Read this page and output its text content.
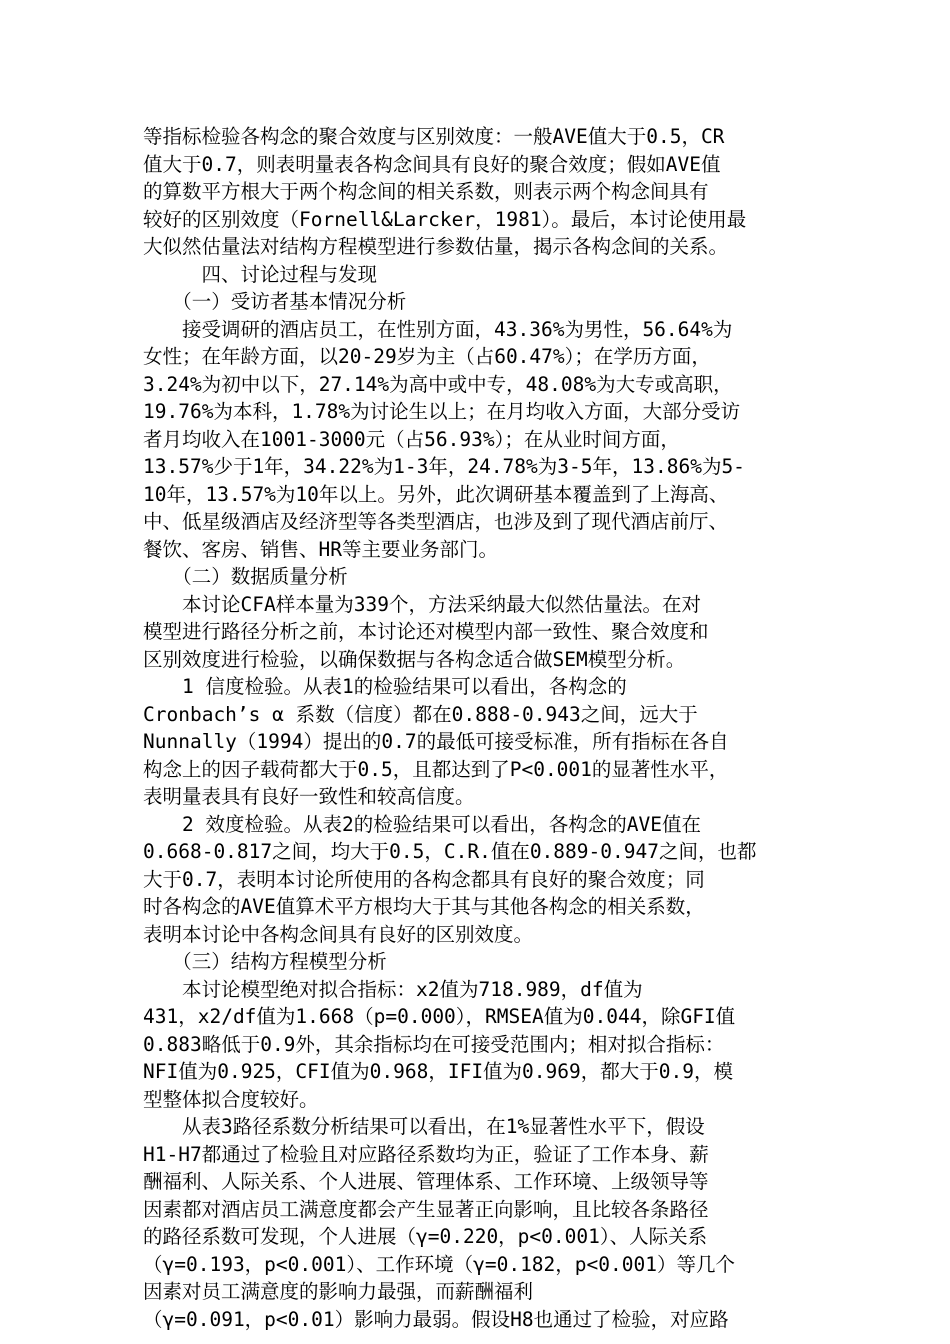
等指标检验各构念的聚合效度与区别效度：一般AVE值大于0.5，CR
值大于0.7，则表明量表各构念间具有良好的聚合效度；假如AVE值
的算数平方根大于两个构念间的相关系数，则表示两个构念间具有
较好的区别效度（Fornell&Larcker，1981）。最后，本讨论使用最
大似然估量法对结构方程模型进行参数估量，揭示各构念间的关系。
　　　四、讨论过程与发现
　　（一）受访者基本情况分析
　　接受调研的酒店员工，在性别方面，43.36%为男性，56.64%为
女性；在年龄方面，以20-29岁为主（占60.47%）；在学历方面，
3.24%为初中以下，27.14%为高中或中专，48.08%为大专或高职，
19.76%为本科，1.78%为讨论生以上；在月均收入方面，大部分受访
者月均收入在1001-3000元（占56.93%）；在从业时间方面，
13.57%少于1年，34.22%为1-3年，24.78%为3-5年，13.86%为5-
10年，13.57%为10年以上。另外，此次调研基本覆盖到了上海高、
中、低星级酒店及经济型等各类型酒店，也涉及到了现代酒店前厅、
餐饮、客房、销售、HR等主要业务部门。
　　（二）数据质量分析
　　本讨论CFA样本量为339个，方法采纳最大似然估量法。在对
模型进行路径分析之前，本讨论还对模型内部一致性、聚合效度和
区别效度进行检验，以确保数据与各构念适合做SEM模型分析。
　　1 信度检验。从表1的检验结果可以看出，各构念的
Cronbach’s α 系数（信度）都在0.888-0.943之间，远大于
Nunnally（1994）提出的0.7的最低可接受标准，所有指标在各自
构念上的因子载荷都大于0.5，且都达到了P<0.001的显著性水平，
表明量表具有良好一致性和较高信度。
　　2 效度检验。从表2的检验结果可以看出，各构念的AVE值在
0.668-0.817之间，均大于0.5，C.R.值在0.889-0.947之间，也都
大于0.7，表明本讨论所使用的各构念都具有良好的聚合效度；同
时各构念的AVE值算术平方根均大于其与其他各构念的相关系数，
表明本讨论中各构念间具有良好的区别效度。
　　（三）结构方程模型分析
　　本讨论模型绝对拟合指标：x2值为718.989，df值为
431，x2/df值为1.668（p=0.000），RMSEA值为0.044，除GFI值
0.883略低于0.9外，其余指标均在可接受范围内；相对拟合指标：
NFI值为0.925，CFI值为0.968，IFI值为0.969，都大于0.9，模
型整体拟合度较好。
　　从表3路径系数分析结果可以看出，在1%显著性水平下，假设
H1-H7都通过了检验且对应路径系数均为正，验证了工作本身、薪
酬福利、人际关系、个人进展、管理体系、工作环境、上级领导等
因素都对酒店员工满意度都会产生显著正向影响，且比较各条路径
的路径系数可发现，个人进展（γ=0.220，p<0.001）、人际关系
（γ=0.193，p<0.001）、工作环境（γ=0.182，p<0.001）等几个
因素对员工满意度的影响力最强，而薪酬福利
（γ=0.091，p<0.01）影响力最弱。假设H8也通过了检验，对应路
